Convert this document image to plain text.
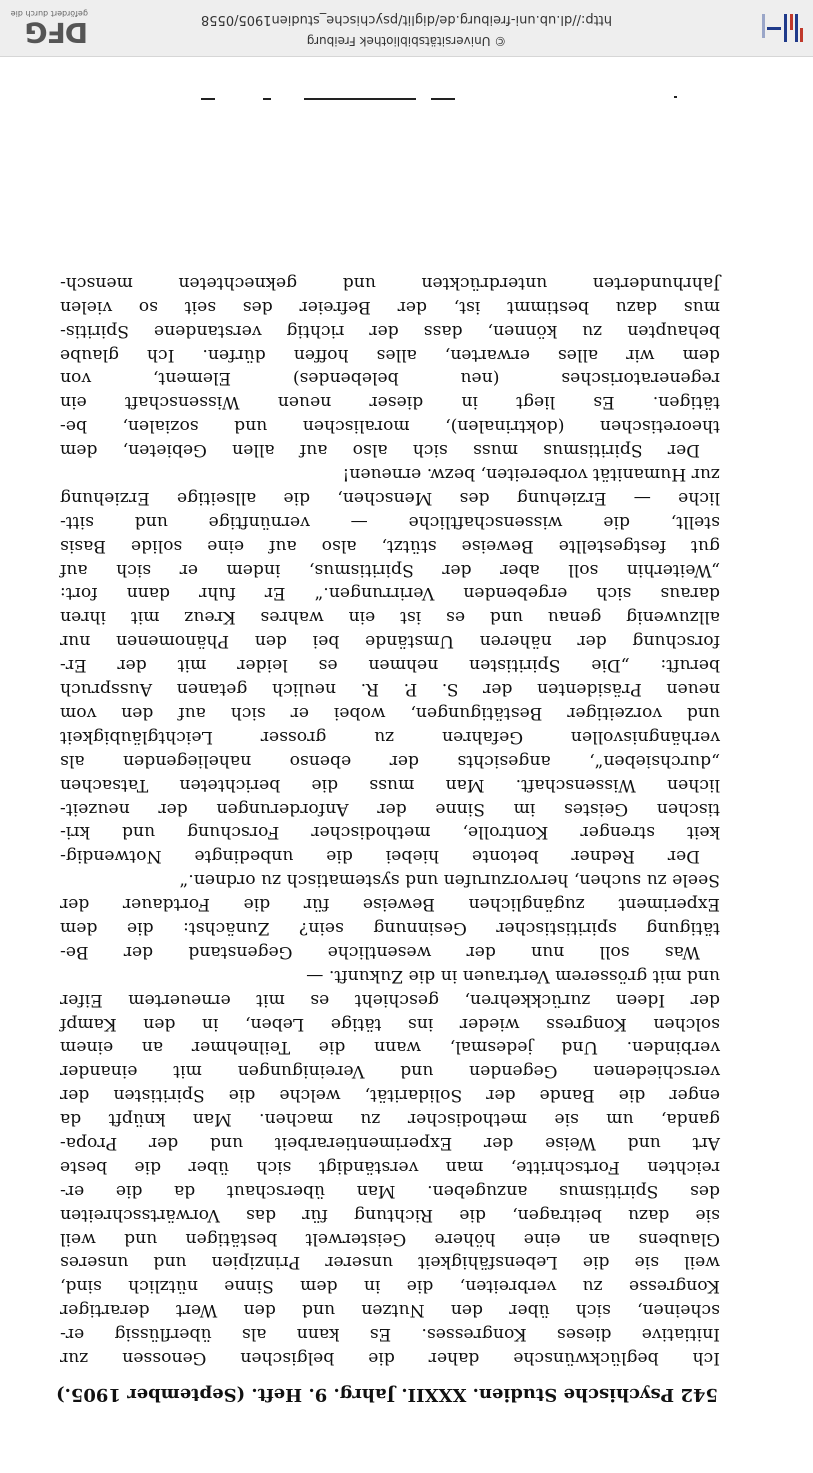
542 Psychische Studien. XXXII. Jahrg. 9. Heft. (September 1905.)
Ich beglückwünsche daher die belgischen Genossen zur
Initiative dieses Kongresses. Es kann als überflüssig er-
scheinen, sich über den Nutzen und den Wert derartiger
Kongresse zu verbreiten, die in dem Sinne nützlich sind,
weil sie die Lebensfähigkeit unserer Prinzipien und unseres
Glaubens an eine höhere Geisterwelt bestätigen und weil
sie dazu beitragen, die Richtung für das Vorwärtsschreiten
des Spiritismus anzugeben. Man überschaut da die er-
reichten Fortschritte, man verständigt sich über die beste
Art und Weise der Experimentierarbeit und der Propa-
ganda, um sie methodischer zu machen. Man knüpft da
enger die Bande der Solidarität, welche die Spiritisten der
verschiedenen Gegenden und Vereinigungen mit einander
verbinden. Und jedesmal, wann die Teilnehmer an einem
solchen Kongress wieder ins tätige Leben, in den Kampf
der Ideen zurückkehren, geschieht es mit erneuertem Eifer
und mit grösserem Vertrauen in die Zukunft. —
Was soll nun der wesentliche Gegenstand der Be-
tätigung spiritistischer Gesinnung sein? Zunächst: die dem
Experiment zugänglichen Beweise für die Fortdauer der
Seele zu suchen, hervorzurufen und systematisch zu ordnen.“
Der Redner betonte hiebei die unbedingte Notwendig-
keit strenger Kontrolle, methodischer Forschung und kri-
tischen Geistes im Sinne der Anforderungen der neuzeit-
lichen Wissenschaft. Man muss die berichteten Tatsachen
„durchsieben“, angesichts der ebenso naheliegenden als
verhängnisvollen Gefahren zu grosser Leichtgläubigkeit
und vorzeitiger Bestätigungen, wobei er sich auf den vom
neuen Präsidenten der S. P. R. neulich getanen Ausspruch
beruft: „Die Spiritisten nehmen es leider mit der Er-
forschung der näheren Umstände bei den Phänomenen nur
allzuwenig genau und es ist ein wahres Kreuz mit ihren
daraus sich ergebenden Verirrungen.“ Er fuhr dann fort:
„Weiterhin soll aber der Spiritismus, indem er sich auf
gut festgestellte Beweise stützt, also auf eine solide Basis
stellt, die wissenschaftliche — vernünftige und sitt-
liche — Erziehung des Menschen, die allseitige Erziehung
zur Humanität vorbereiten, bezw. erneuen!
Der Spiritismus muss sich also auf allen Gebieten, dem
theoretischen (doktrinalen), moralischen und sozialen, be-
tätigen. Es liegt in dieser neuen Wissenschaft ein
regeneratorisches (neu belebendes) Element, von
dem wir alles erwarten, alles hoffen dürfen. Ich glaube
behaupten zu können, dass der richtig verstandene Spiritis-
mus dazu bestimmt ist, der Befreier des seit so vielen
Jahrhunderten unterdrückten und geknechteten mensch-
© Universitätsbibliothek Freiburg
http://dl.ub.uni-freiburg.de/diglit/psychische_studien1905/0558
DFG
gefördert durch die
